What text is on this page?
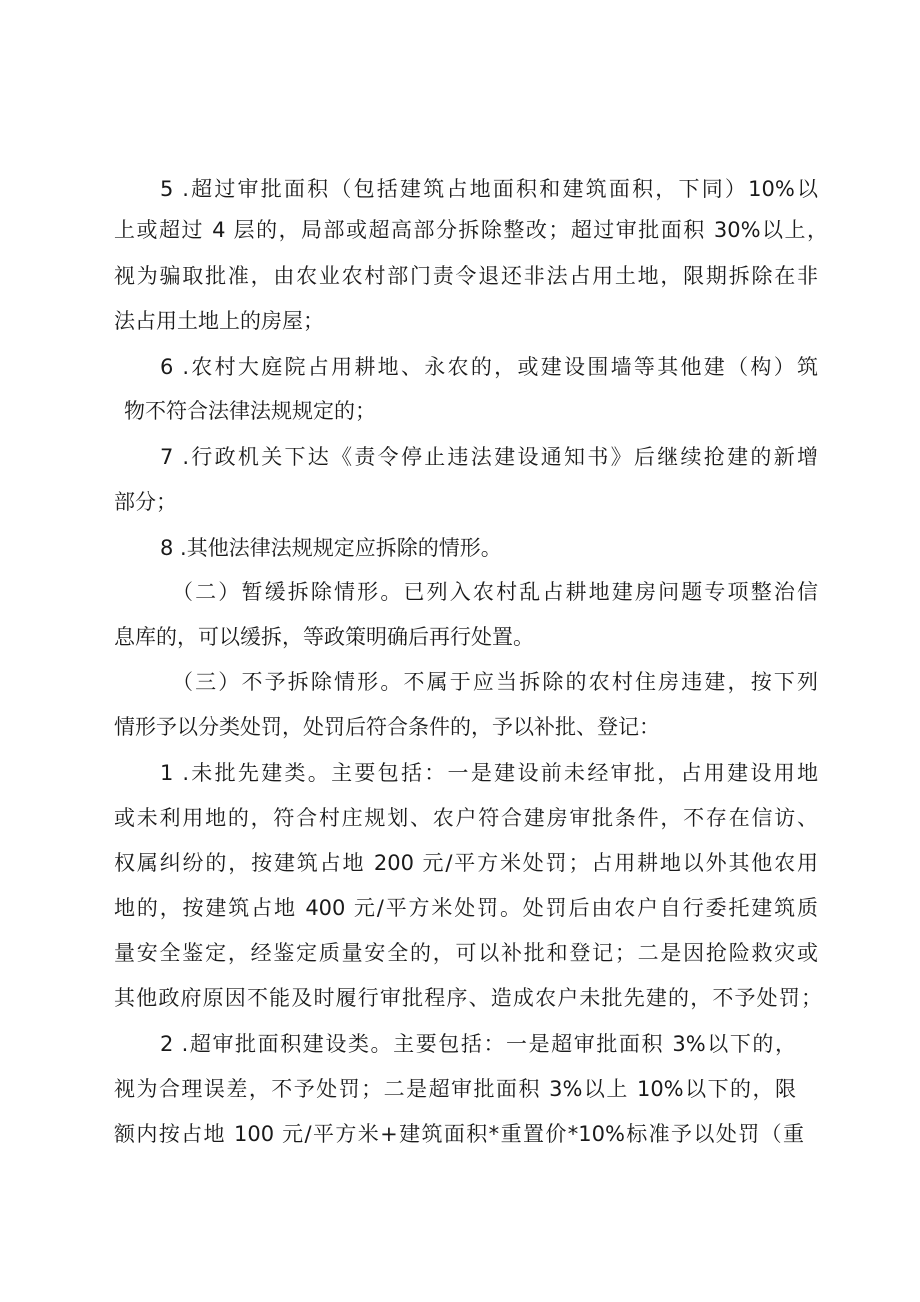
5 .超过审批面积（包括建筑占地面积和建筑面积，下同）10%以
上或超过 4 层的，局部或超高部分拆除整改；超过审批面积 30%以上，
视为骗取批准，由农业农村部门责令退还非法占用土地，限期拆除在非
法占用土地上的房屋；
6 .农村大庭院占用耕地、永农的，或建设围墙等其他建（构）筑
物不符合法律法规规定的；
7 .行政机关下达《责令停止违法建设通知书》后继续抢建的新增
部分；
8 .其他法律法规规定应拆除的情形。
（二）暂缓拆除情形。已列入农村乱占耕地建房问题专项整治信
息库的，可以缓拆，等政策明确后再行处置。
（三）不予拆除情形。不属于应当拆除的农村住房违建，按下列
情形予以分类处罚，处罚后符合条件的，予以补批、登记：
1 .未批先建类。主要包括：一是建设前未经审批，占用建设用地
或未利用地的，符合村庄规划、农户符合建房审批条件，不存在信访、
权属纠纷的，按建筑占地 200 元/平方米处罚；占用耕地以外其他农用
地的，按建筑占地 400 元/平方米处罚。处罚后由农户自行委托建筑质
量安全鉴定，经鉴定质量安全的，可以补批和登记；二是因抢险救灾或
其他政府原因不能及时履行审批程序、造成农户未批先建的，不予处罚；
2 .超审批面积建设类。主要包括：一是超审批面积 3%以下的，
视为合理误差，不予处罚；二是超审批面积 3%以上 10%以下的，限
额内按占地 100 元/平方米+建筑面积*重置价*10%标准予以处罚（重
